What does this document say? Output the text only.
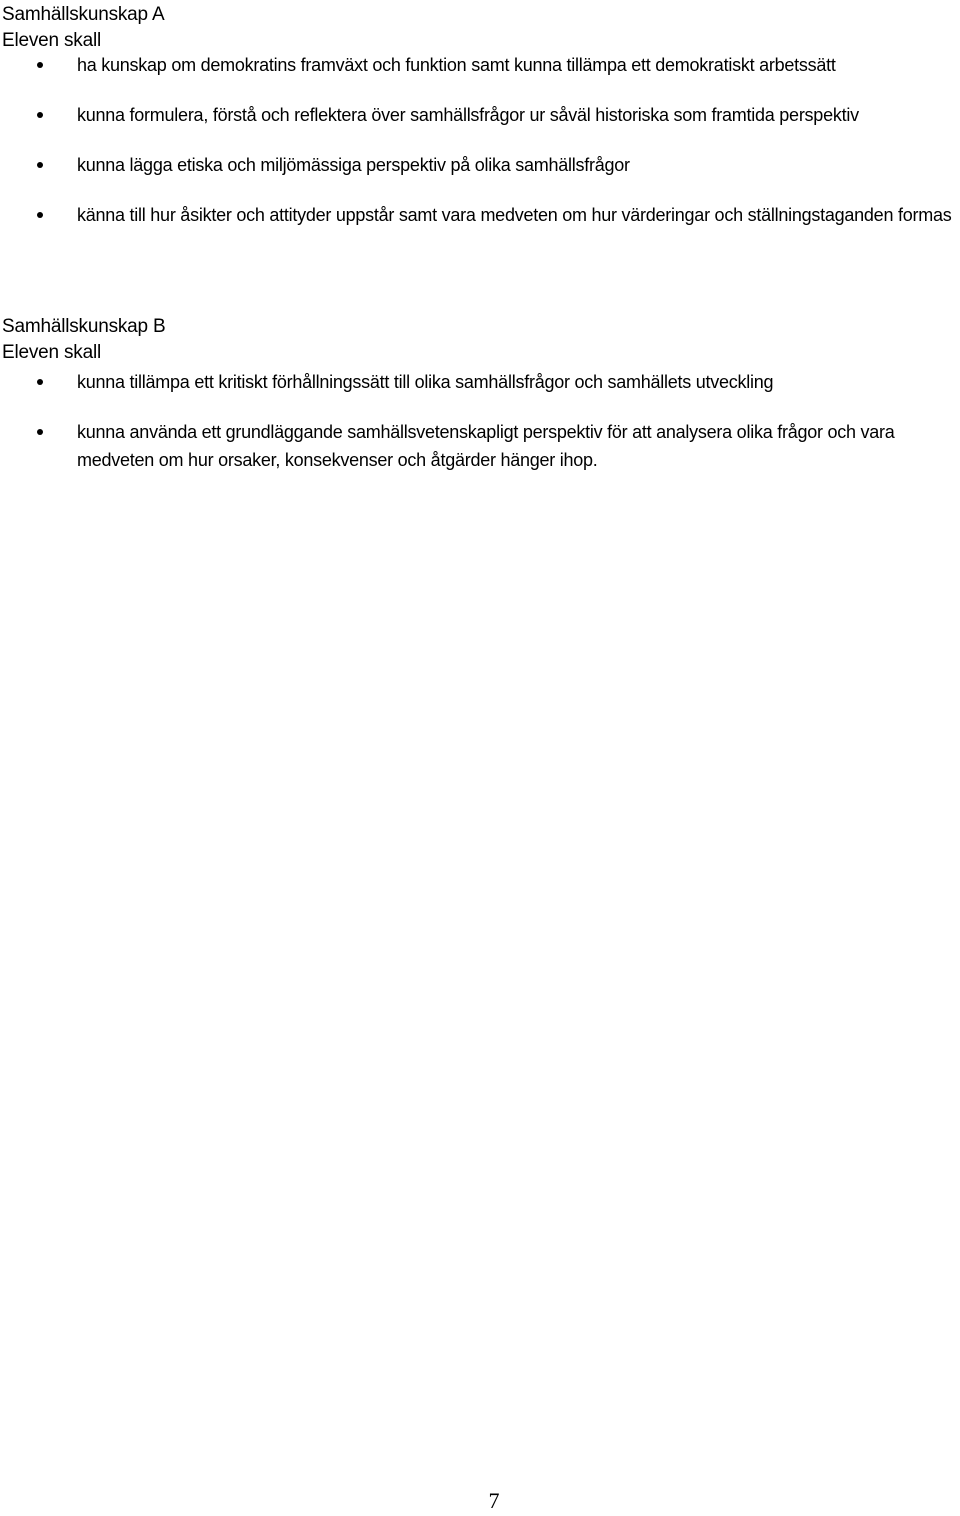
Samhällskunskap A
Eleven skall
ha kunskap om demokratins framväxt och funktion samt kunna tillämpa ett demokratiskt arbetssätt
kunna formulera, förstå och reflektera över samhällsfrågor ur såväl historiska som framtida perspektiv
kunna lägga etiska och miljömässiga perspektiv på olika samhällsfrågor
känna till hur åsikter och attityder uppstår samt vara medveten om hur värderingar och ställningstaganden formas
Samhällskunskap B
Eleven skall
kunna tillämpa ett kritiskt förhållningssätt till olika samhällsfrågor och samhällets utveckling
kunna använda ett grundläggande samhällsvetenskapligt perspektiv för att analysera olika frågor och vara medveten om hur orsaker, konsekvenser och åtgärder hänger ihop.
7
